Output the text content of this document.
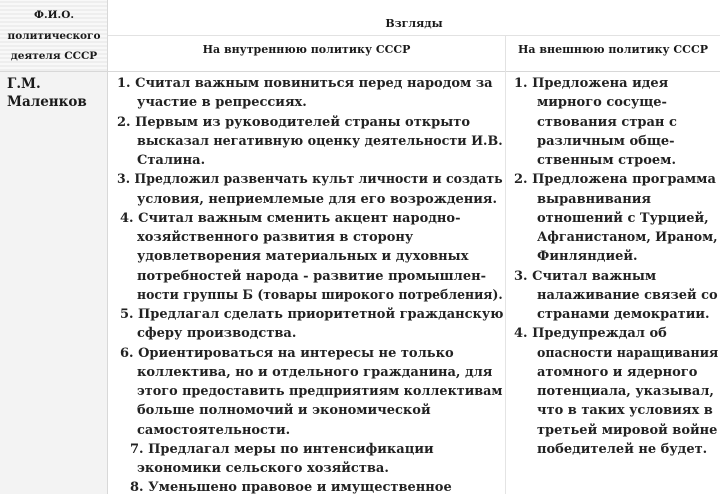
Ф.И.О.
политического
деятеля СССР
Взгляды
На внутреннюю политику СССР	На внешнюю политику СССР
Г.М.
Маленков
1. Считал важным повиниться перед народом за
участие в репрессиях.
2. Первым из руководителей страны открыто
высказал негативную оценку деятельности И.В.
Сталина.
3. Предложил развенчать культ личности и создать
условия, неприемлемые для его возрождения.
4. Считал важным сменить акцент народно-
хозяйственного развития в сторону
удовлетворения материальных и духовных
потребностей народа - развитие промышлен-
ности группы Б (товары широкого потребления).
5. Предлагал сделать приоритетной гражданскую
сферу производства.
6. Ориентироваться на интересы не только
коллектива, но и отдельного гражданина, для
этого предоставить предприятиям коллективам
больше полномочий и экономической
самостоятельности.
7. Предлагал меры по интенсификации
экономики сельского хозяйства.
8. Уменьшено правовое и имущественное
1. Предложена идея
мирного сосуще-
ствования стран с
различным обще-
ственным строем.
2. Предложена программа
выравнивания
отношений с Турцией,
Афганистаном, Ираном,
Финляндией.
3. Считал важным
налаживание связей со
странами демократии.
4. Предупреждал об
опасности наращивания
атомного и ядерного
потенциала, указывал,
что в таких условиях в
третьей мировой войне
победителей не будет.
